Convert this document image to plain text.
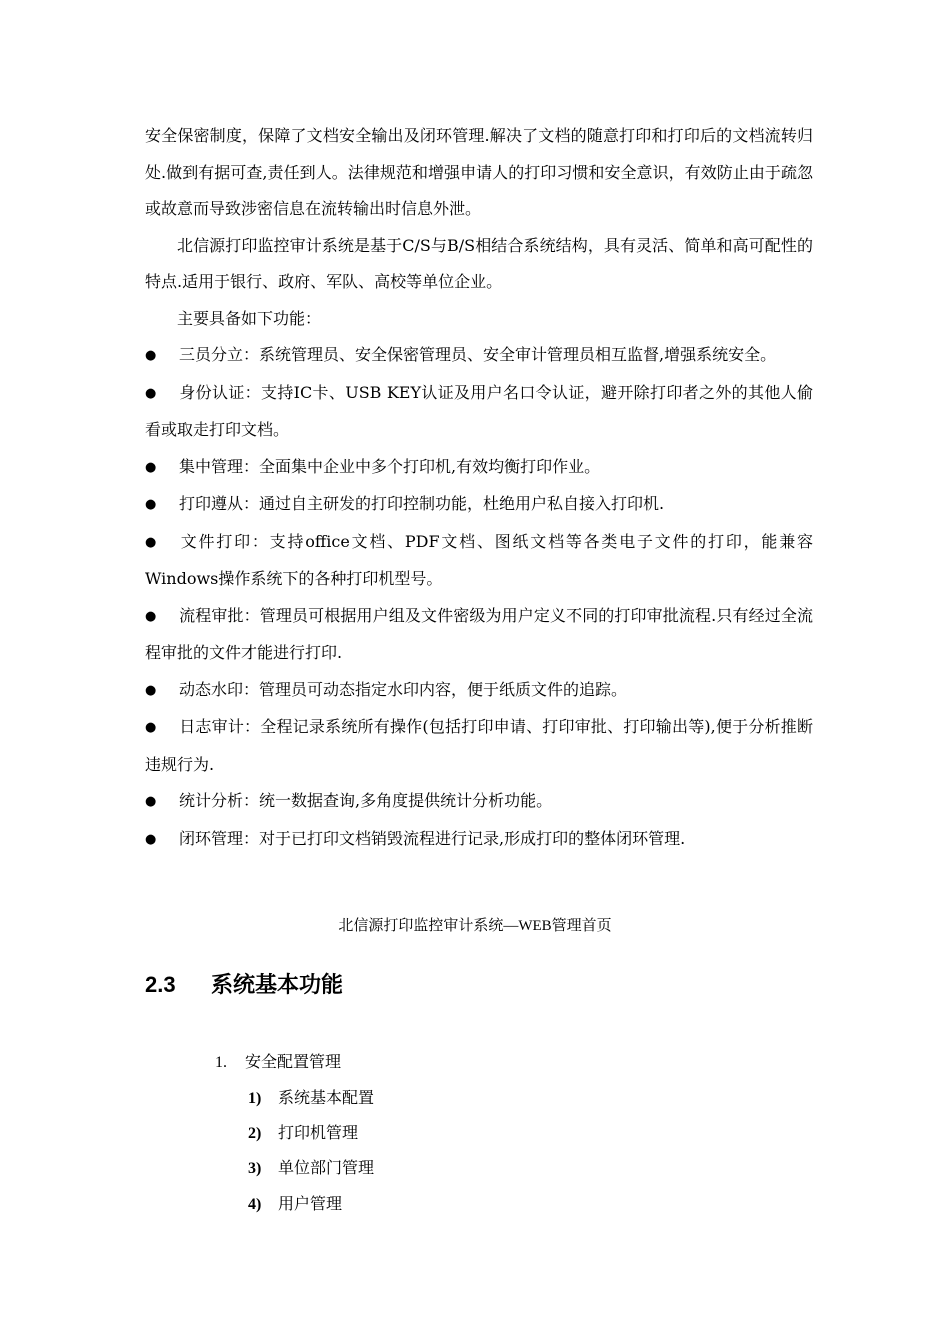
安全保密制度，保障了文档安全输出及闭环管理.解决了文档的随意打印和打印后的文档流转归处.做到有据可查,责任到人。法律规范和增强申请人的打印习惯和安全意识，有效防止由于疏忽或故意而导致涉密信息在流转输出时信息外泄。

北信源打印监控审计系统是基于C/S与B/S相结合系统结构，具有灵活、简单和高可配性的特点.适用于银行、政府、军队、高校等单位企业。

主要具备如下功能：

● 三员分立：系统管理员、安全保密管理员、安全审计管理员相互监督,增强系统安全。

● 身份认证：支持IC卡、USB KEY认证及用户名口令认证，避开除打印者之外的其他人偷看或取走打印文档。

● 集中管理：全面集中企业中多个打印机,有效均衡打印作业。

● 打印遵从：通过自主研发的打印控制功能，杜绝用户私自接入打印机.

● 文件打印：支持office文档、PDF文档、图纸文档等各类电子文件的打印，能兼容Windows操作系统下的各种打印机型号。

● 流程审批：管理员可根据用户组及文件密级为用户定义不同的打印审批流程.只有经过全流程审批的文件才能进行打印.

● 动态水印：管理员可动态指定水印内容，便于纸质文件的追踪。

● 日志审计：全程记录系统所有操作(包括打印申请、打印审批、打印输出等),便于分析推断违规行为.

● 统计分析：统一数据查询,多角度提供统计分析功能。

● 闭环管理：对于已打印文档销毁流程进行记录,形成打印的整体闭环管理.

北信源打印监控审计系统—WEB管理首页
2.3 系统基本功能
1. 安全配置管理
1) 系统基本配置
2) 打印机管理
3) 单位部门管理
4) 用户管理
